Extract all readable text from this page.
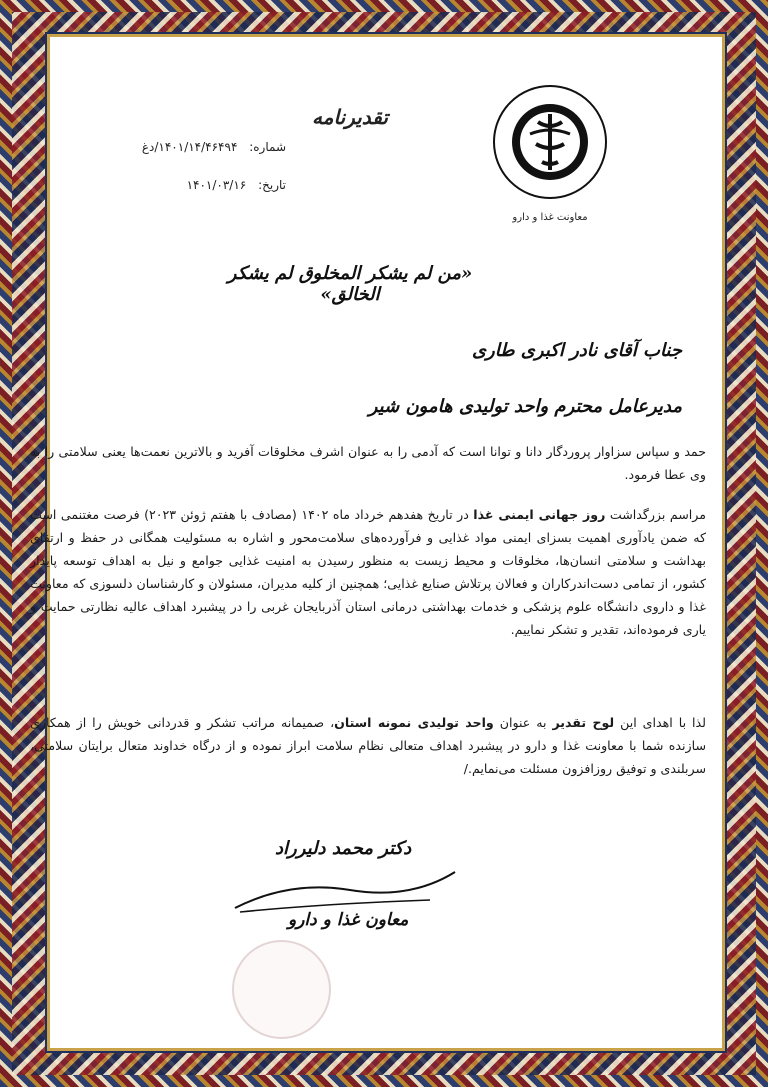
معاونت غذا و دارو
تقدیرنامه
شماره: ۱۴۰۱/۱۴/۴۶۴۹۴/دغ
تاریخ: ۱۴۰۱/۰۳/۱۶
«من لم یشکر المخلوق لم یشکر الخالق»
جناب آقای نادر اکبری طاری
مدیرعامل محترم واحد تولیدی هامون شیر

حمد و سپاس سزاوار پروردگار دانا و توانا است که آدمی را به عنوان اشرف مخلوقات آفرید و بالاترین نعمت‌ها یعنی سلامتی را به وی عطا فرمود.

مراسم بزرگداشت روز جهانی ایمنی غذا در تاریخ هفدهم خرداد ماه ۱۴۰۲ (مصادف با هفتم ژوئن ۲۰۲۳) فرصت مغتنمی است که ضمن یادآوری اهمیت بسزای ایمنی مواد غذایی و فرآورده‌های سلامت‌محور و اشاره به مسئولیت همگانی در حفظ و ارتقای بهداشت و سلامتی انسان‌ها، مخلوقات و محیط زیست به منظور رسیدن به امنیت غذایی جوامع و نیل به اهداف توسعه پایدار کشور، از تمامی دست‌اندرکاران و فعالان پرتلاش صنایع غذایی؛ همچنین از کلیه مدیران، مسئولان و کارشناسان دلسوزی که معاونت غذا و داروی دانشگاه علوم پزشکی و خدمات بهداشتی درمانی استان آذربایجان غربی را در پیشبرد اهداف عالیه نظارتی حمایت و یاری فرموده‌اند، تقدیر و تشکر نماییم.

لذا با اهدای این لوح تقدیر به عنوان واحد تولیدی نمونه استان، صمیمانه مراتب تشکر و قدردانی خویش را از همکاری سازنده شما با معاونت غذا و دارو در پیشبرد اهداف متعالی نظام سلامت ابراز نموده و از درگاه خداوند متعال برایتان سلامتی، سربلندی و توفیق روزافزون مسئلت می‌نمایم./

دکتر محمد دلیرراد
معاون غذا و دارو
